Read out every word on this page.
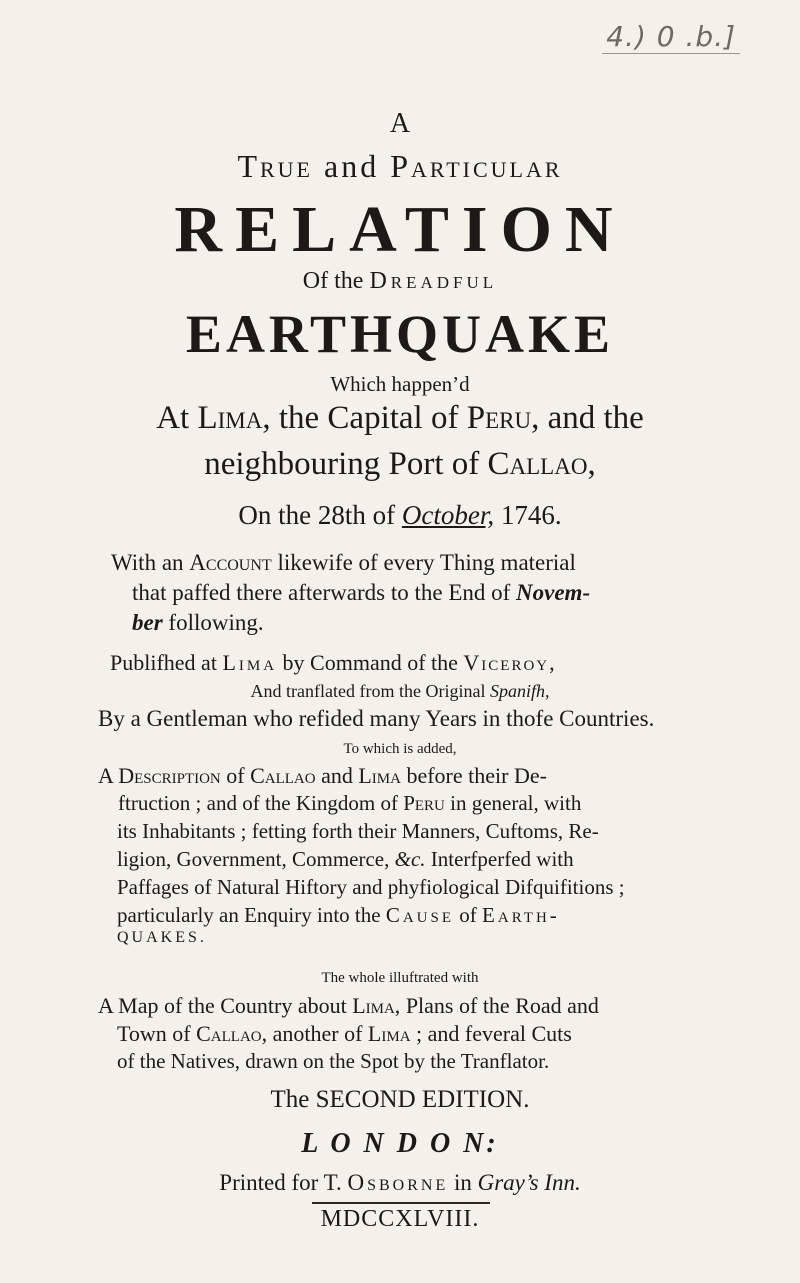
4.) 0 .b.]
A
True and Particular
RELATION
Of the Dreadful
EARTHQUAKE
Which happen’d
At Lima, the Capital of Peru, and the
neighbouring Port of Callao,
On the 28th of October, 1746.
With an Account likewife of every Thing material
that paffed there afterwards to the End of Novem-
ber following.
Publifhed at Lima by Command of the Viceroy,
And tranflated from the Original Spanifh,
By a Gentleman who refided many Years in thofe Countries.
To which is added,
A Description of Callao and Lima before their De-
ftruction ; and of the Kingdom of Peru in general, with
its Inhabitants ; fetting forth their Manners, Cuftoms, Re-
ligion, Government, Commerce, &c. Interfperfed with
Paffages of Natural Hiftory and phyfiological Difquifitions ;
particularly an Enquiry into the Cause of Earth-
QUAKES.
The whole illuftrated with
A Map of the Country about Lima, Plans of the Road and
Town of Callao, another of Lima ; and feveral Cuts
of the Natives, drawn on the Spot by the Tranflator.
The SECOND EDITION.
L O N D O N:
Printed for T. Osborne in Gray’s Inn.
MDCCXLVIII.
